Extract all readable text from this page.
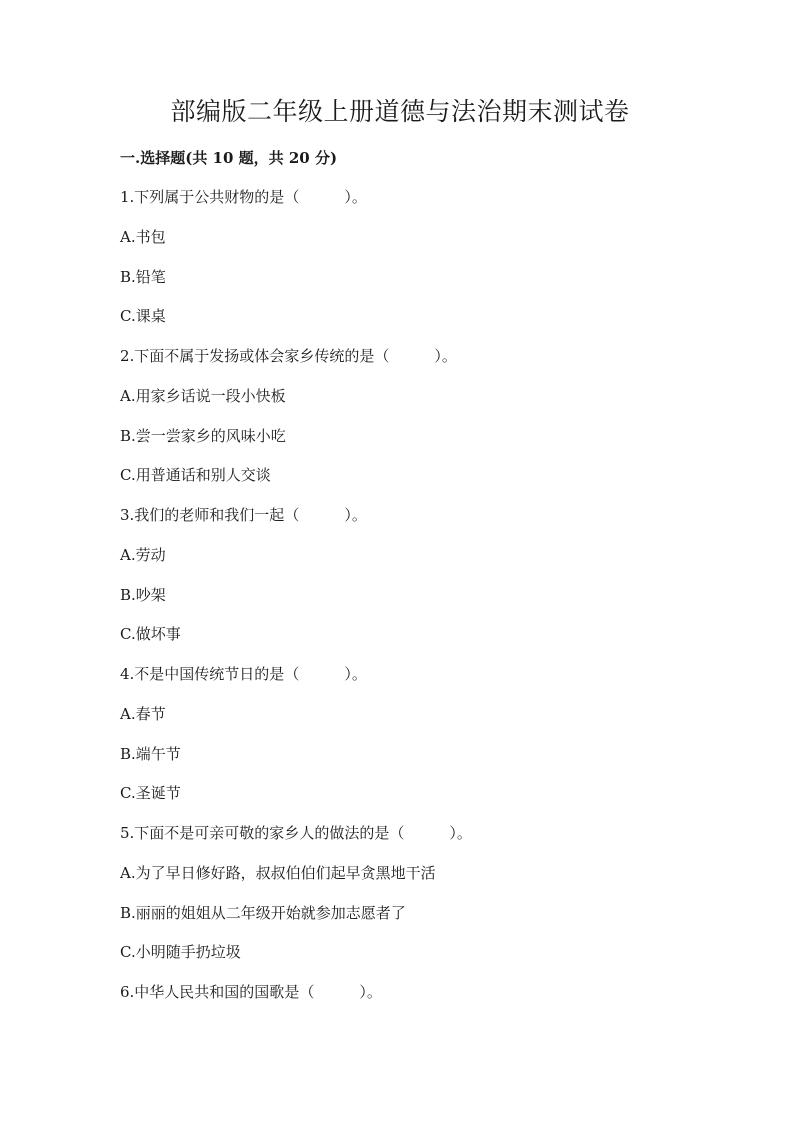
部编版二年级上册道德与法治期末测试卷
一.选择题(共 10 题，共 20 分)
1.下列属于公共财物的是（　　　）。
A.书包
B.铅笔
C.课桌
2.下面不属于发扬或体会家乡传统的是（　　　）。
A.用家乡话说一段小快板
B.尝一尝家乡的风味小吃
C.用普通话和别人交谈
3.我们的老师和我们一起（　　　）。
A.劳动
B.吵架
C.做坏事
4.不是中国传统节日的是（　　　）。
A.春节
B.端午节
C.圣诞节
5.下面不是可亲可敬的家乡人的做法的是（　　　）。
A.为了早日修好路，叔叔伯伯们起早贪黑地干活
B.丽丽的姐姐从二年级开始就参加志愿者了
C.小明随手扔垃圾
6.中华人民共和国的国歌是（　　　）。
